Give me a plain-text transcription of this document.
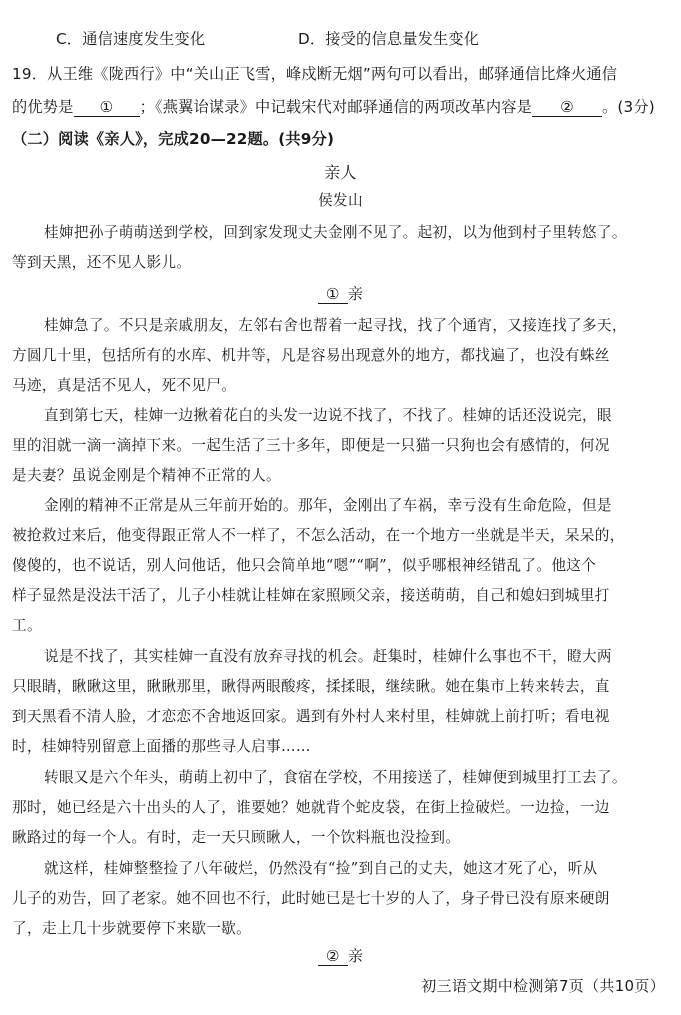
C．通信速度发生变化	D．接受的信息量发生变化
19．从王维《陇西行》中“关山正飞雪，峰戍断无烟”两句可以看出，邮驿通信比烽火通信
的优势是 ① ；《燕翼诒谋录》中记载宋代对邮驿通信的两项改革内容是 ② 。(3分)
（二）阅读《亲人》，完成20—22题。(共9分)
亲人
侯发山
桂婶把孙子萌萌送到学校，回到家发现丈夫金刚不见了。起初，以为他到村子里转悠了。
等到天黑，还不见人影儿。
① 亲
桂婶急了。不只是亲戚朋友，左邻右舍也帮着一起寻找，找了个通宵，又接连找了多天，
方圆几十里，包括所有的水库、机井等，凡是容易出现意外的地方，都找遍了，也没有蛛丝
马迹，真是活不见人，死不见尸。
直到第七天，桂婶一边揪着花白的头发一边说不找了，不找了。桂婶的话还没说完，眼
里的泪就一滴一滴掉下来。一起生活了三十多年，即便是一只猫一只狗也会有感情的，何况
是夫妻？虽说金刚是个精神不正常的人。
金刚的精神不正常是从三年前开始的。那年，金刚出了车祸，幸亏没有生命危险，但是
被抢救过来后，他变得跟正常人不一样了，不怎么活动，在一个地方一坐就是半天，呆呆的，
傻傻的，也不说话，别人问他话，他只会简单地“嗯”“啊”，似乎哪根神经错乱了。他这个
样子显然是没法干活了，儿子小桂就让桂婶在家照顾父亲，接送萌萌，自己和媳妇到城里打
工。
说是不找了，其实桂婶一直没有放弃寻找的机会。赶集时，桂婶什么事也不干，瞪大两
只眼睛，瞅瞅这里，瞅瞅那里，瞅得两眼酸疼，揉揉眼，继续瞅。她在集市上转来转去，直
到天黑看不清人脸，才恋恋不舍地返回家。遇到有外村人来村里，桂婶就上前打听；看电视
时，桂婶特别留意上面播的那些寻人启事……
转眼又是六个年头，萌萌上初中了，食宿在学校，不用接送了，桂婶便到城里打工去了。
那时，她已经是六十出头的人了，谁要她？她就背个蛇皮袋，在街上捡破烂。一边捡，一边
瞅路过的每一个人。有时，走一天只顾瞅人，一个饮料瓶也没捡到。
就这样，桂婶整整捡了八年破烂，仍然没有“捡”到自己的丈夫，她这才死了心，听从
儿子的劝告，回了老家。她不回也不行，此时她已是七十岁的人了，身子骨已没有原来硬朗
了，走上几十步就要停下来歇一歇。
② 亲
初三语文期中检测第7页（共10页）
